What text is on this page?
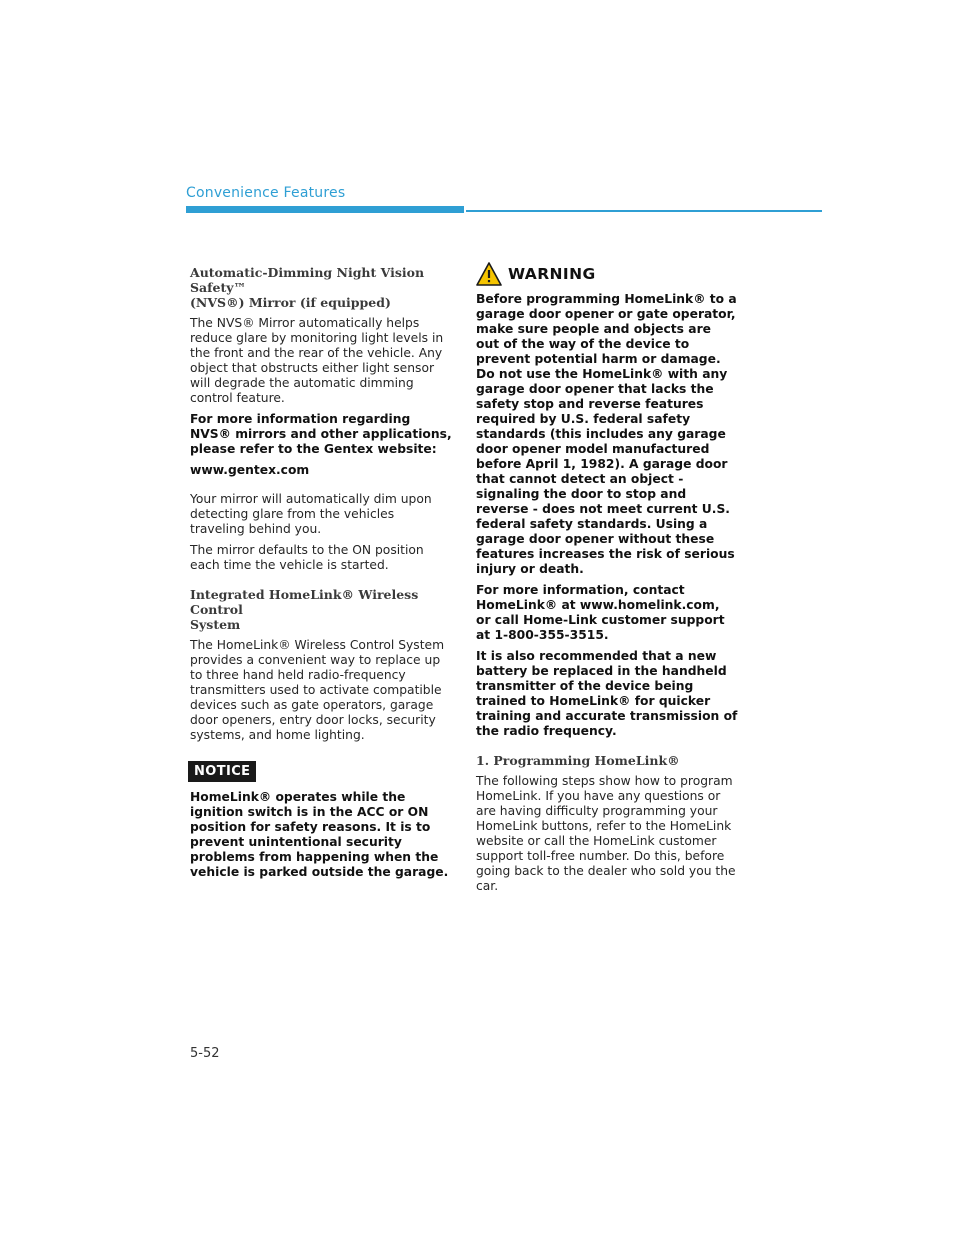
Convenience Features
Automatic-Dimming Night Vision Safety™
(NVS®) Mirror (if equipped)

The NVS® Mirror automatically helps reduce glare by monitoring light levels in the front and the rear of the vehicle. Any object that obstructs either light sensor will degrade the automatic dimming control feature.

For more information regarding NVS® mirrors and other applications, please refer to the Gentex website:

www.gentex.com

Your mirror will automatically dim upon detecting glare from the vehicles traveling behind you.

The mirror defaults to the ON position each time the vehicle is started.

Integrated HomeLink® Wireless Control
System

The HomeLink® Wireless Control System provides a convenient way to replace up to three hand held radio-frequency transmitters used to activate compatible devices such as gate operators, garage door openers, entry door locks, security systems, and home lighting.

NOTICE

HomeLink® operates while the ignition switch is in the ACC or ON position for safety reasons. It is to prevent unintentional security problems from happening when the vehicle is parked outside the garage.

WARNING

Before programming HomeLink® to a garage door opener or gate operator, make sure people and objects are out of the way of the device to prevent potential harm or damage. Do not use the HomeLink® with any garage door opener that lacks the safety stop and reverse features required by U.S. federal safety standards (this includes any garage door opener model manufactured before April 1, 1982). A garage door that cannot detect an object - signaling the door to stop and reverse - does not meet current U.S. federal safety standards. Using a garage door opener without these features increases the risk of serious injury or death.

For more information, contact HomeLink® at www.homelink.com, or call Home-Link customer support at 1-800-355-3515.

It is also recommended that a new battery be replaced in the handheld transmitter of the device being trained to HomeLink® for quicker training and accurate transmission of the radio frequency.

1. Programming HomeLink®

The following steps show how to program HomeLink. If you have any questions or are having difficulty programming your HomeLink buttons, refer to the HomeLink website or call the HomeLink customer support toll-free number. Do this, before going back to the dealer who sold you the car.

5-52
